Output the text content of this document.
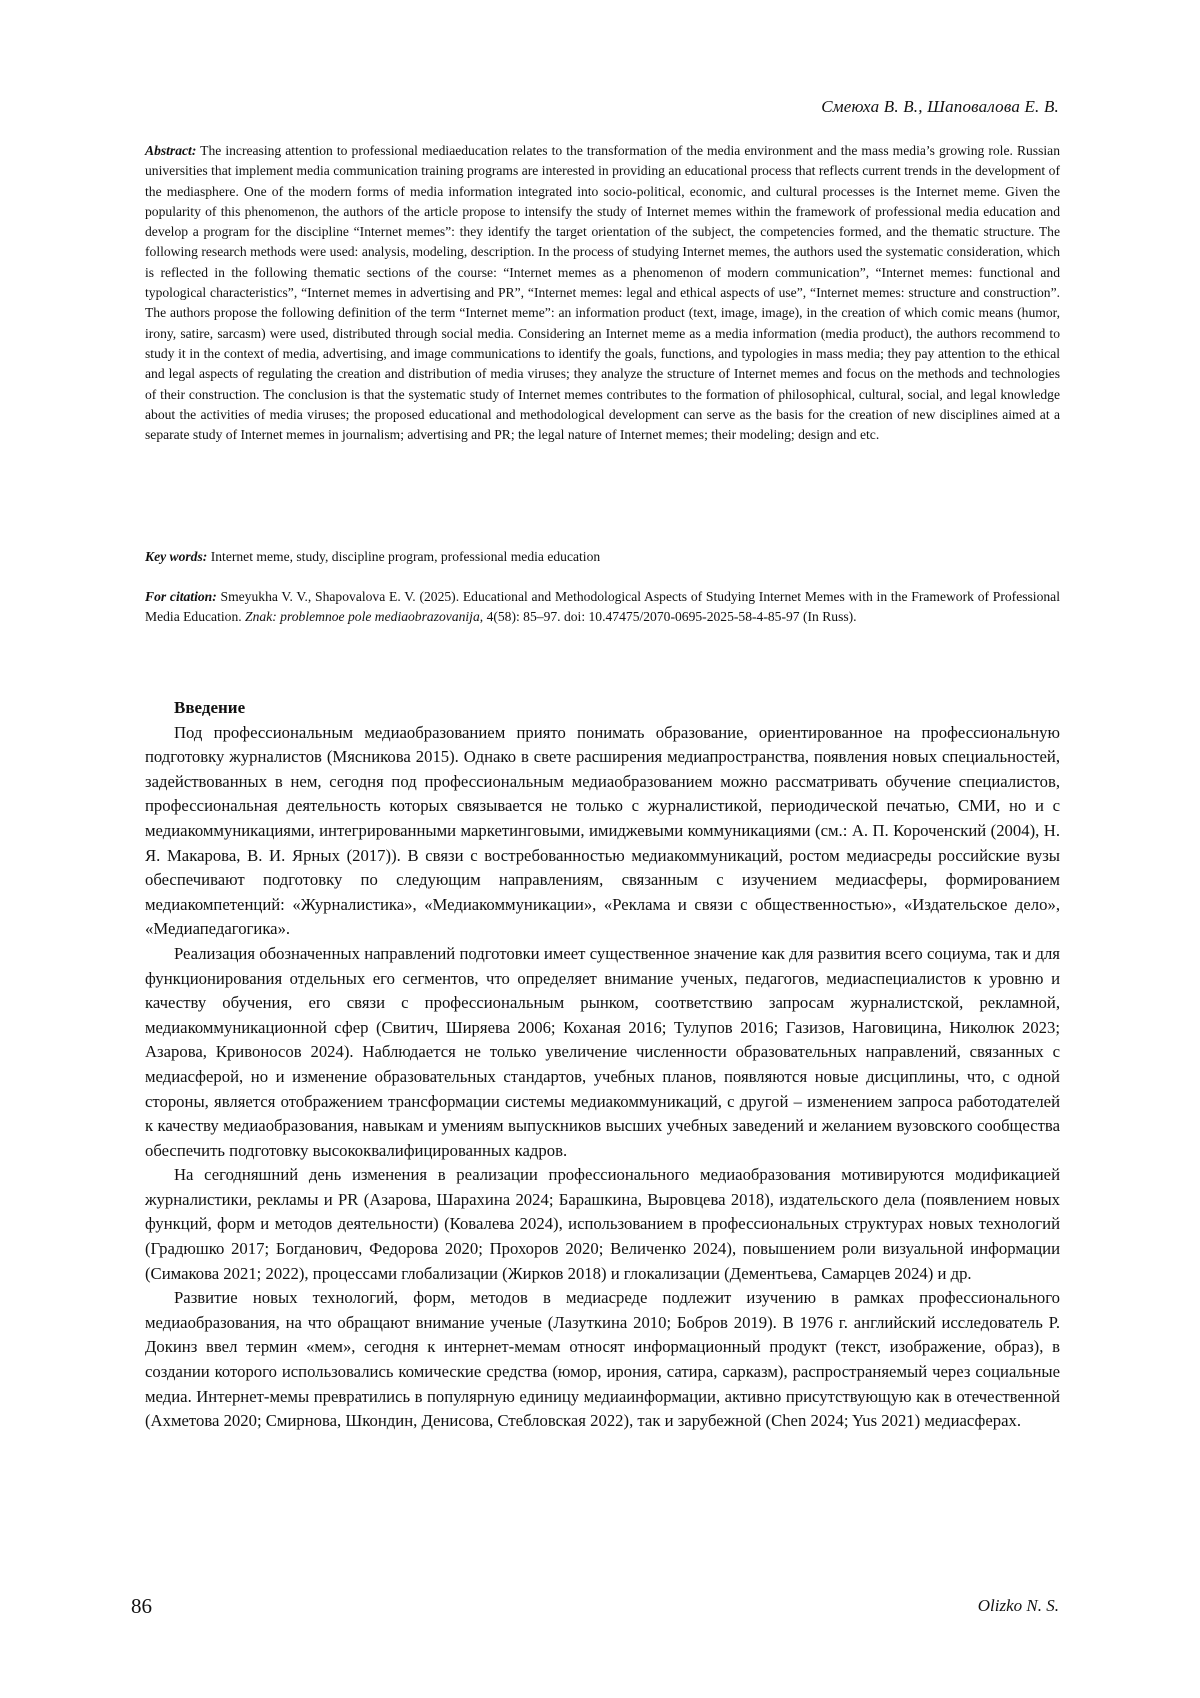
Смеюха В. В., Шаповалова Е. В.

Abstract: The increasing attention to professional mediaeducation relates to the transformation of the media environment and the mass media’s growing role. Russian universities that implement media communication training programs are interested in providing an educational process that reflects current trends in the development of the mediasphere. One of the modern forms of media information integrated into socio-political, economic, and cultural processes is the Internet meme. Given the popularity of this phenomenon, the authors of the article propose to intensify the study of Internet memes within the framework of professional media education and develop a program for the discipline “Internet memes”: they identify the target orientation of the subject, the competencies formed, and the thematic structure. The following research methods were used: analysis, modeling, description. In the process of studying Internet memes, the authors used the systematic consideration, which is reflected in the following thematic sections of the course: “Internet memes as a phenomenon of modern communication”, “Internet memes: functional and typological characteristics”, “Internet memes in advertising and PR”, “Internet memes: legal and ethical aspects of use”, “Internet memes: structure and construction”. The authors propose the following definition of the term “Internet meme”: an information product (text, image, image), in the creation of which comic means (humor, irony, satire, sarcasm) were used, distributed through social media. Considering an Internet meme as a media information (media product), the authors recommend to study it in the context of media, advertising, and image communications to identify the goals, functions, and typologies in mass media; they pay attention to the ethical and legal aspects of regulating the creation and distribution of media viruses; they analyze the structure of Internet memes and focus on the methods and technologies of their construction. The conclusion is that the systematic study of Internet memes contributes to the formation of philosophical, cultural, social, and legal knowledge about the activities of media viruses; the proposed educational and methodological development can serve as the basis for the creation of new disciplines aimed at a separate study of Internet memes in journalism; advertising and PR; the legal nature of Internet memes; their modeling; design and etc.

Key words: Internet meme, study, discipline program, professional media education

For citation: Smeyukha V. V., Shapovalova E. V. (2025). Educational and Methodological Aspects of Studying Internet Memes with in the Framework of Professional Media Education. Znak: problemnoe pole mediaobrazovanija, 4(58): 85–97. doi: 10.47475/2070-0695-2025-58-4-85-97 (In Russ).

Введение

Под профессиональным медиаобразованием приято понимать образование, ориентированное на профессиональную подготовку журналистов (Мясникова 2015). Однако в свете расширения медиапространства, появления новых специальностей, задействованных в нем, сегодня под профессиональным медиаобразованием можно рассматривать обучение специалистов, профессиональная деятельность которых связывается не только с журналистикой, периодической печатью, СМИ, но и с медиакоммуникациями, интегрированными маркетинговыми, имиджевыми коммуникациями (см.: А. П. Короченский (2004), Н. Я. Макарова, В. И. Ярных (2017)). В связи с востребованностью медиакоммуникаций, ростом медиасреды российские вузы обеспечивают подготовку по следующим направлениям, связанным с изучением медиасферы, формированием медиакомпетенций: «Журналистика», «Медиакоммуникации», «Реклама и связи с общественностью», «Издательское дело», «Медиапедагогика».

Реализация обозначенных направлений подготовки имеет существенное значение как для развития всего социума, так и для функционирования отдельных его сегментов, что определяет внимание ученых, педагогов, медиаспециалистов к уровню и качеству обучения, его связи с профессиональным рынком, соответствию запросам журналистской, рекламной, медиакоммуникационной сфер (Свитич, Ширяева 2006; Коханая 2016; Тулупов 2016; Газизов, Наговицина, Николюк 2023; Азарова, Кривоносов 2024). Наблюдается не только увеличение численности образовательных направлений, связанных с медиасферой, но и изменение образовательных стандартов, учебных планов, появляются новые дисциплины, что, с одной стороны, является отображением трансформации системы медиакоммуникаций, с другой – изменением запроса работодателей к качеству медиаобразования, навыкам и умениям выпускников высших учебных заведений и желанием вузовского сообщества обеспечить подготовку высококвалифицированных кадров.

На сегодняшний день изменения в реализации профессионального медиаобразования мотивируются модификацией журналистики, рекламы и PR (Азарова, Шарахина 2024; Барашкина, Выровцева 2018), издательского дела (появлением новых функций, форм и методов деятельности) (Ковалева 2024), использованием в профессиональных структурах новых технологий (Градюшко 2017; Богданович, Федорова 2020; Прохоров 2020; Величенко 2024), повышением роли визуальной информации (Симакова 2021; 2022), процессами глобализации (Жирков 2018) и глокализации (Дементьева, Самарцев 2024) и др.

Развитие новых технологий, форм, методов в медиасреде подлежит изучению в рамках профессионального медиаобразования, на что обращают внимание ученые (Лазуткина 2010; Бобров 2019). В 1976 г. английский исследователь Р. Докинз ввел термин «мем», сегодня к интернет-мемам относят информационный продукт (текст, изображение, образ), в создании которого использовались комические средства (юмор, ирония, сатира, сарказм), распространяемый через социальные медиа. Интернет-мемы превратились в популярную единицу медиаинформации, активно присутствующую как в отечественной (Ахметова 2020; Смирнова, Шкондин, Денисова, Стебловская 2022), так и зарубежной (Chen 2024; Yus 2021) медиасферах.

86	Olizko N. S.
